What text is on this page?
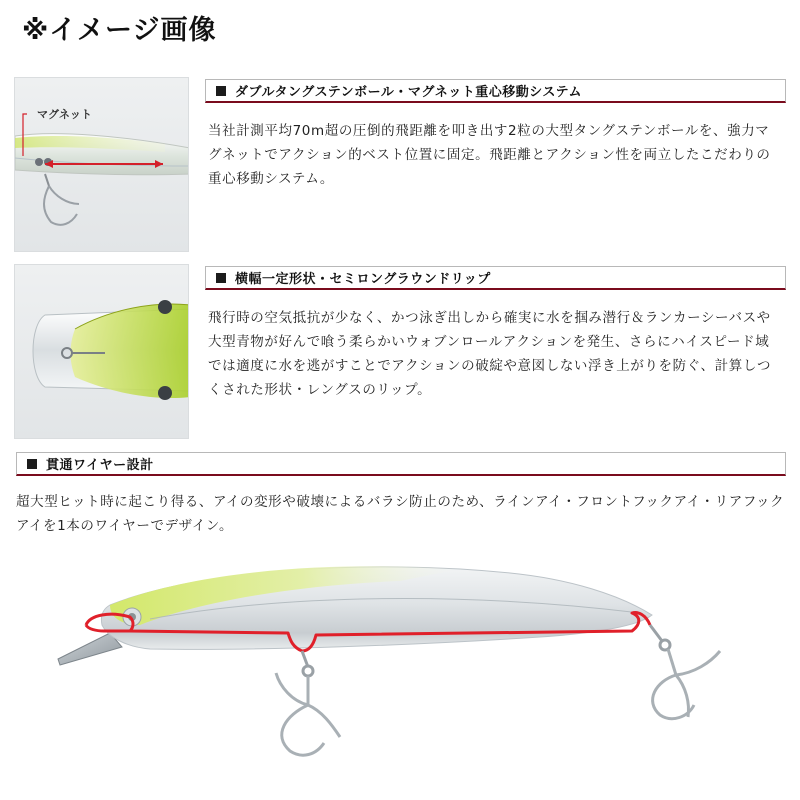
※イメージ画像
マグネット
ダブルタングステンボール・マグネット重心移動システム

当社計測平均70m超の圧倒的飛距離を叩き出す2粒の大型タングステンボールを、強力マグネットでアクション的ベスト位置に固定。飛距離とアクション性を両立したこだわりの重心移動システム。

横幅一定形状・セミロングラウンドリップ

飛行時の空気抵抗が少なく、かつ泳ぎ出しから確実に水を掴み潜行＆ランカーシーバスや大型青物が好んで喰う柔らかいウォブンロールアクションを発生、さらにハイスピード域では適度に水を逃がすことでアクションの破綻や意図しない浮き上がりを防ぐ、計算しつくされた形状・レングスのリップ。

貫通ワイヤー設計

超大型ヒット時に起こり得る、アイの変形や破壊によるバラシ防止のため、ラインアイ・フロントフックアイ・リアフックアイを1本のワイヤーでデザイン。
